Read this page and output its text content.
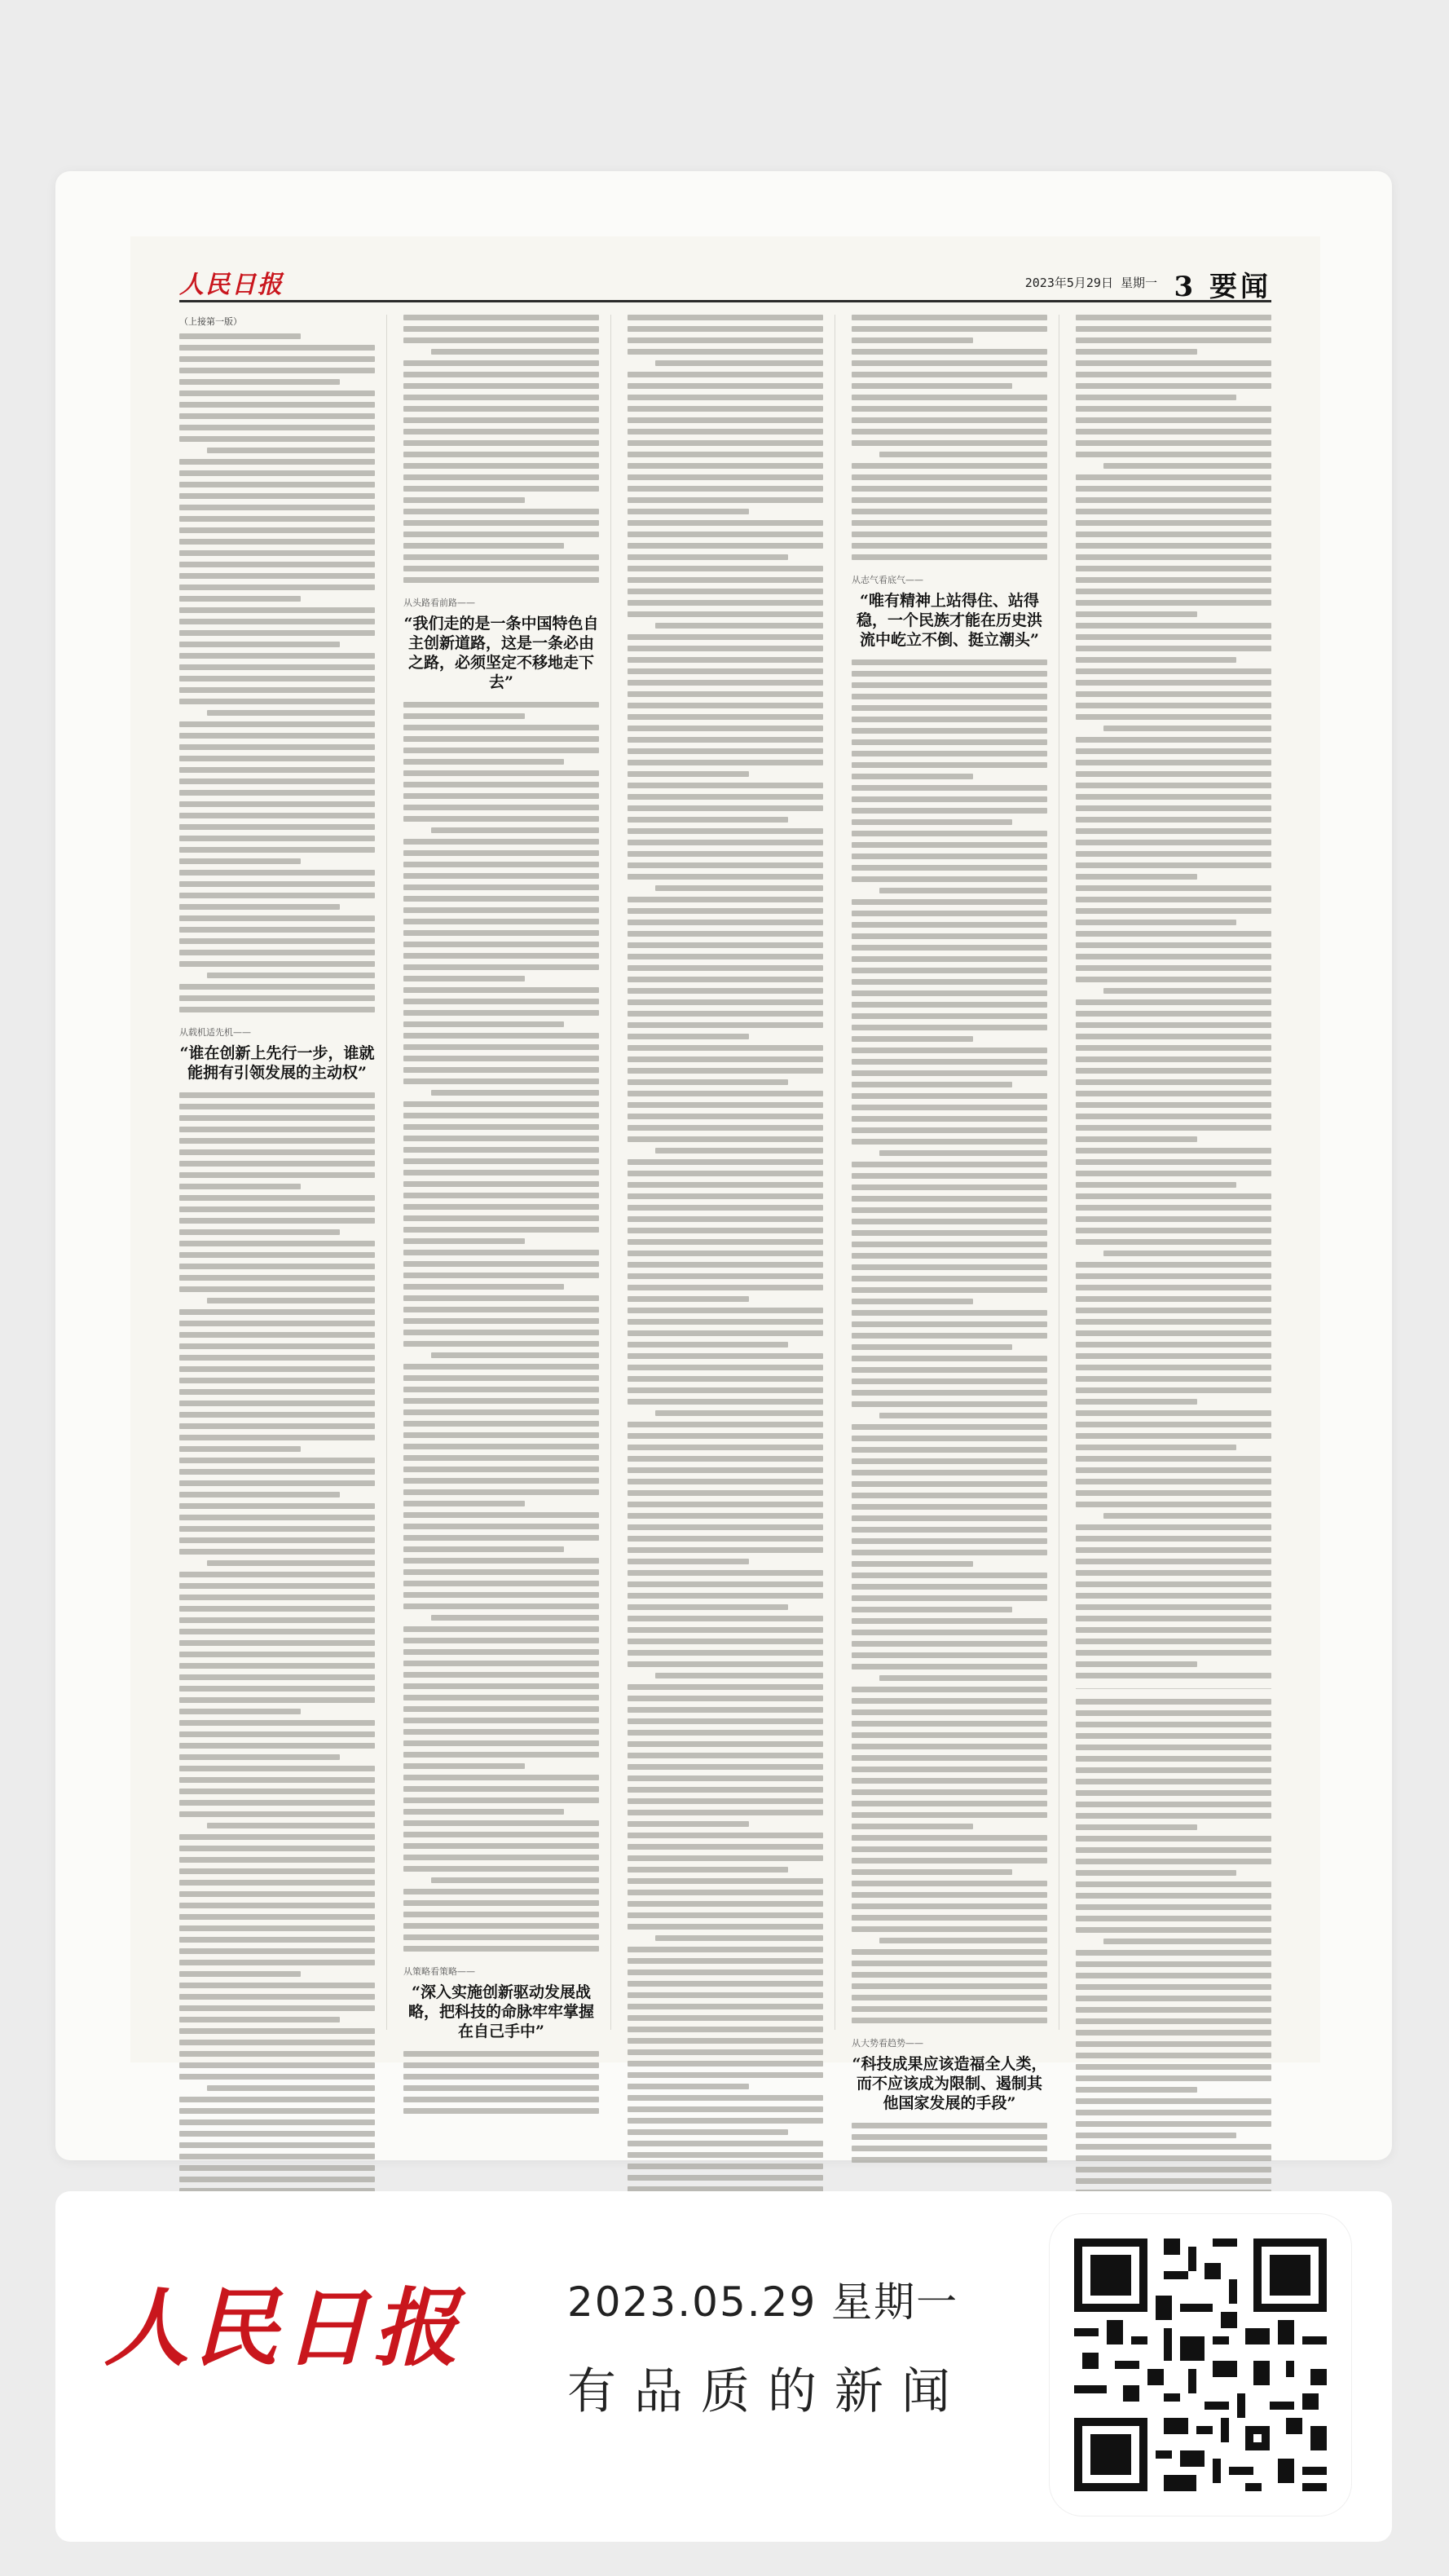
人民日报	2023年5月29日 星期一 3 要闻
（上接第一版）
从载机适先机——
“谁在创新上先行一步，谁就能拥有引领发展的主动权”
从头路看前路——
“我们走的是一条中国特色自主创新道路，这是一条必由之路，必须坚定不移地走下去”
从策略看策略——
“深入实施创新驱动发展战略，把科技的命脉牢牢掌握在自己手中”
从志气看底气——
“唯有精神上站得住、站得稳，一个民族才能在历史洪流中屹立不倒、挺立潮头”
从大势看趋势——
“科技成果应该造福全人类，而不应该成为限制、遏制其他国家发展的手段”
人民日报	2023.05.29 星期一
有品质的新闻
